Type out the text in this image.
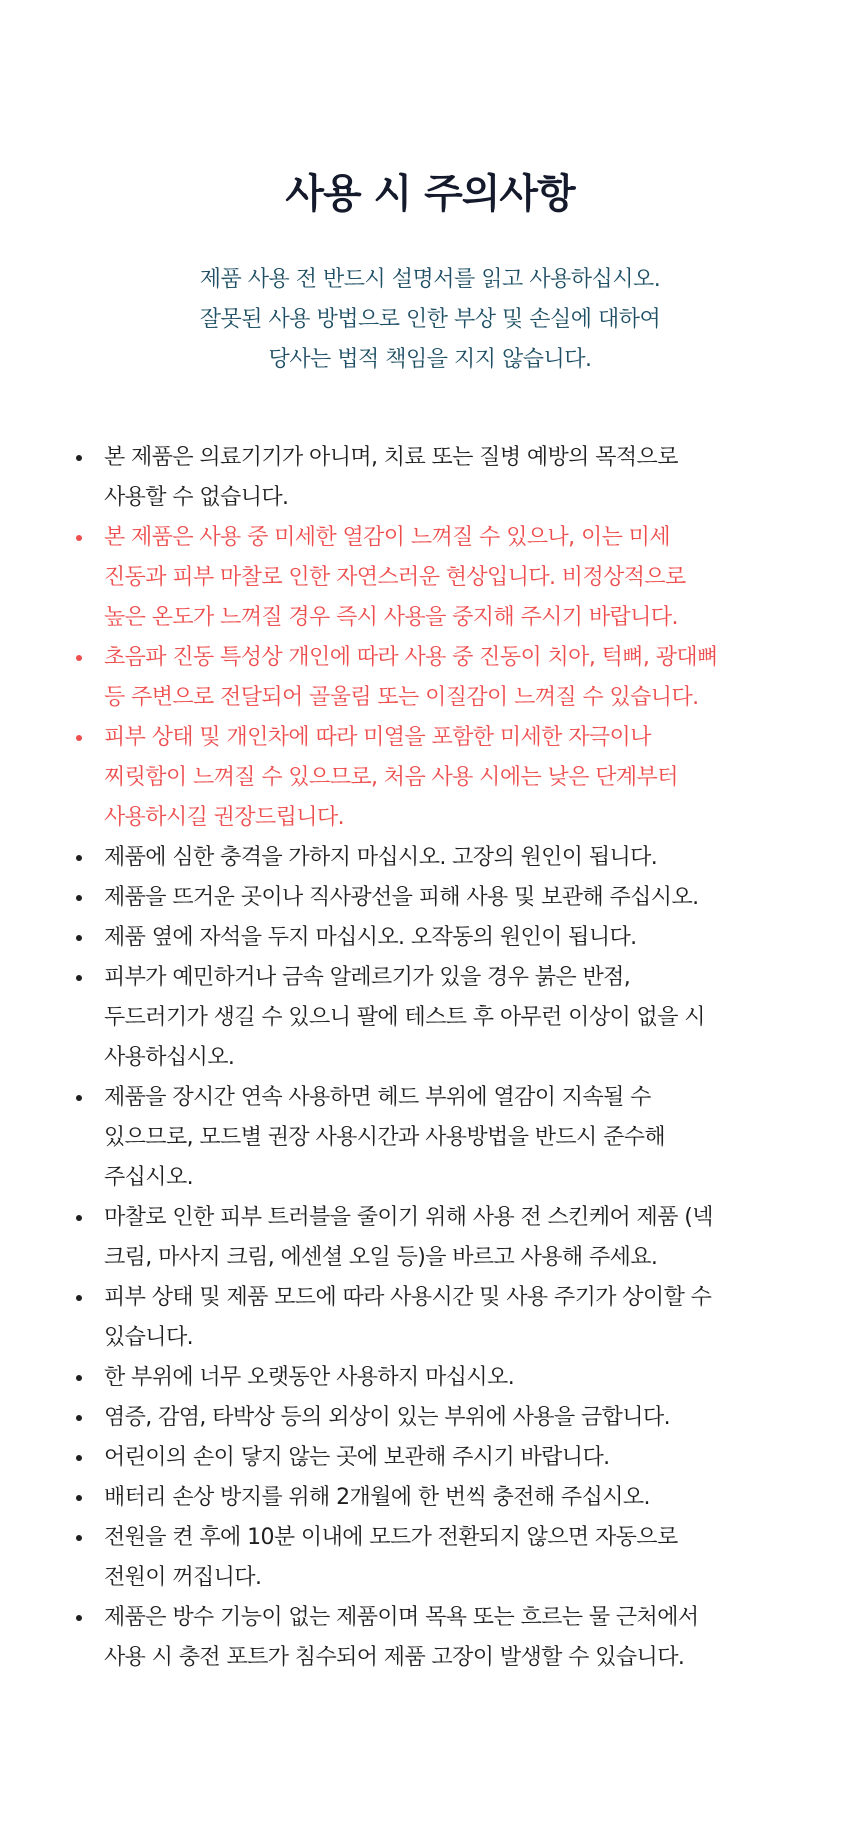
사용 시 주의사항
제품 사용 전 반드시 설명서를 읽고 사용하십시오.
잘못된 사용 방법으로 인한 부상 및 손실에 대하여
당사는 법적 책임을 지지 않습니다.
본 제품은 의료기기가 아니며, 치료 또는 질병 예방의 목적으로
사용할 수 없습니다.
본 제품은 사용 중 미세한 열감이 느껴질 수 있으나, 이는 미세
진동과 피부 마찰로 인한 자연스러운 현상입니다. 비정상적으로
높은 온도가 느껴질 경우 즉시 사용을 중지해 주시기 바랍니다.
초음파 진동 특성상 개인에 따라 사용 중 진동이 치아, 턱뼈, 광대뼈
등 주변으로 전달되어 골울림 또는 이질감이 느껴질 수 있습니다.
피부 상태 및 개인차에 따라 미열을 포함한 미세한 자극이나
찌릿함이 느껴질 수 있으므로, 처음 사용 시에는 낮은 단계부터
사용하시길 권장드립니다.
제품에 심한 충격을 가하지 마십시오. 고장의 원인이 됩니다.
제품을 뜨거운 곳이나 직사광선을 피해 사용 및 보관해 주십시오.
제품 옆에 자석을 두지 마십시오. 오작동의 원인이 됩니다.
피부가 예민하거나 금속 알레르기가 있을 경우 붉은 반점,
두드러기가 생길 수 있으니 팔에 테스트 후 아무런 이상이 없을 시
사용하십시오.
제품을 장시간 연속 사용하면 헤드 부위에 열감이 지속될 수
있으므로, 모드별 권장 사용시간과 사용방법을 반드시 준수해
주십시오.
마찰로 인한 피부 트러블을 줄이기 위해 사용 전 스킨케어 제품 (넥
크림, 마사지 크림, 에센셜 오일 등)을 바르고 사용해 주세요.
피부 상태 및 제품 모드에 따라 사용시간 및 사용 주기가 상이할 수
있습니다.
한 부위에 너무 오랫동안 사용하지 마십시오.
염증, 감염, 타박상 등의 외상이 있는 부위에 사용을 금합니다.
어린이의 손이 닿지 않는 곳에 보관해 주시기 바랍니다.
배터리 손상 방지를 위해 2개월에 한 번씩 충전해 주십시오.
전원을 켠 후에 10분 이내에 모드가 전환되지 않으면 자동으로
전원이 꺼집니다.
제품은 방수 기능이 없는 제품이며 목욕 또는 흐르는 물 근처에서
사용 시 충전 포트가 침수되어 제품 고장이 발생할 수 있습니다.
